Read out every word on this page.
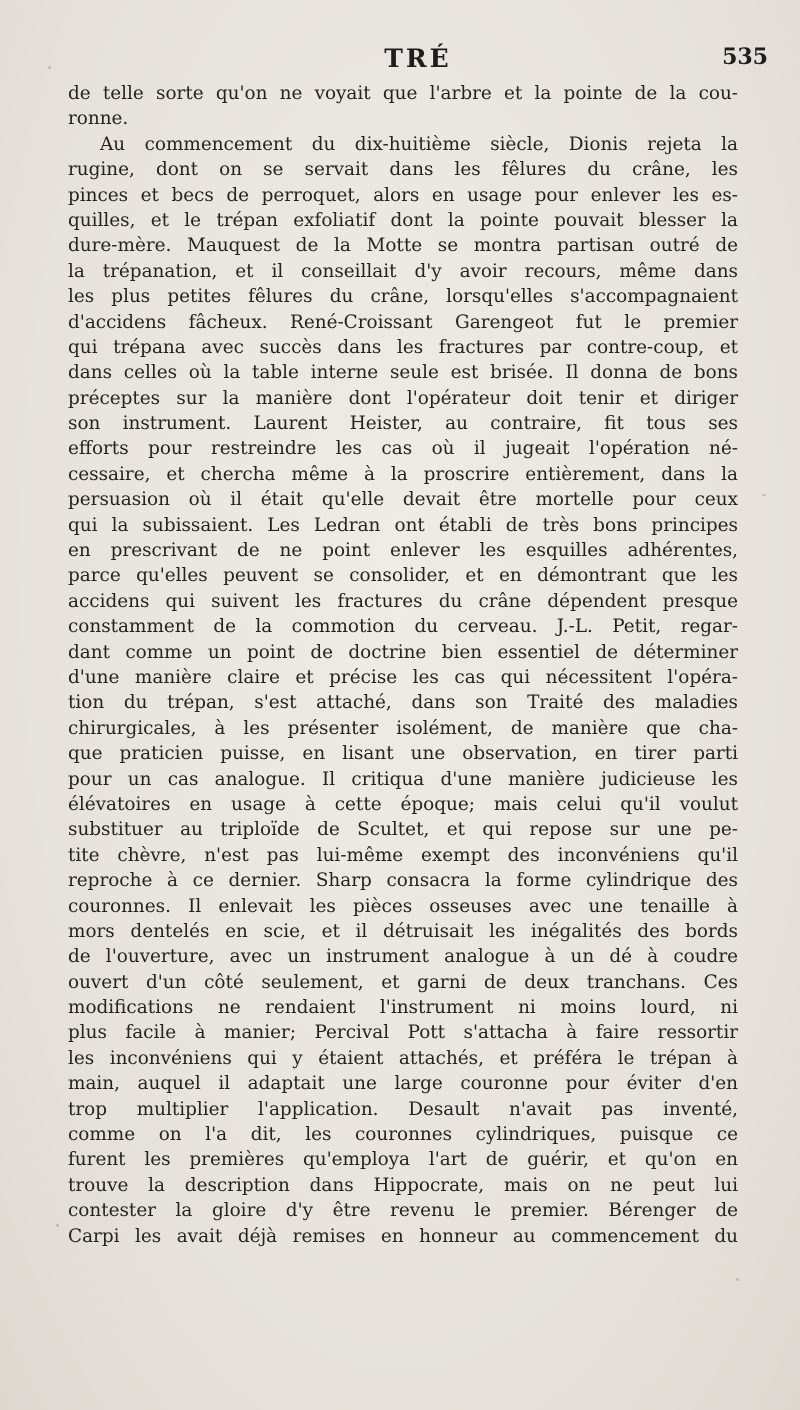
TRÉ	535
de telle sorte qu'on ne voyait que l'arbre et la pointe de la cou-
ronne.
Au commencement du dix-huitième siècle, Dionis rejeta la
rugine, dont on se servait dans les fêlures du crâne, les
pinces et becs de perroquet, alors en usage pour enlever les es-
quilles, et le trépan exfoliatif dont la pointe pouvait blesser la
dure-mère. Mauquest de la Motte se montra partisan outré de
la trépanation, et il conseillait d'y avoir recours, même dans
les plus petites fêlures du crâne, lorsqu'elles s'accompagnaient
d'accidens fâcheux. René-Croissant Garengeot fut le premier
qui trépana avec succès dans les fractures par contre-coup, et
dans celles où la table interne seule est brisée. Il donna de bons
préceptes sur la manière dont l'opérateur doit tenir et diriger
son instrument. Laurent Heister, au contraire, fit tous ses
efforts pour restreindre les cas où il jugeait l'opération né-
cessaire, et chercha même à la proscrire entièrement, dans la
persuasion où il était qu'elle devait être mortelle pour ceux
qui la subissaient. Les Ledran ont établi de très bons principes
en prescrivant de ne point enlever les esquilles adhérentes,
parce qu'elles peuvent se consolider, et en démontrant que les
accidens qui suivent les fractures du crâne dépendent presque
constamment de la commotion du cerveau. J.-L. Petit, regar-
dant comme un point de doctrine bien essentiel de déterminer
d'une manière claire et précise les cas qui nécessitent l'opéra-
tion du trépan, s'est attaché, dans son Traité des maladies
chirurgicales, à les présenter isolément, de manière que cha-
que praticien puisse, en lisant une observation, en tirer parti
pour un cas analogue. Il critiqua d'une manière judicieuse les
élévatoires en usage à cette époque; mais celui qu'il voulut
substituer au triploïde de Scultet, et qui repose sur une pe-
tite chèvre, n'est pas lui-même exempt des inconvéniens qu'il
reproche à ce dernier. Sharp consacra la forme cylindrique des
couronnes. Il enlevait les pièces osseuses avec une tenaille à
mors dentelés en scie, et il détruisait les inégalités des bords
de l'ouverture, avec un instrument analogue à un dé à coudre
ouvert d'un côté seulement, et garni de deux tranchans. Ces
modifications ne rendaient l'instrument ni moins lourd, ni
plus facile à manier; Percival Pott s'attacha à faire ressortir
les inconvéniens qui y étaient attachés, et préféra le trépan à
main, auquel il adaptait une large couronne pour éviter d'en
trop multiplier l'application. Desault n'avait pas inventé,
comme on l'a dit, les couronnes cylindriques, puisque ce
furent les premières qu'employa l'art de guérir, et qu'on en
trouve la description dans Hippocrate, mais on ne peut lui
contester la gloire d'y être revenu le premier. Bérenger de
Carpi les avait déjà remises en honneur au commencement du
